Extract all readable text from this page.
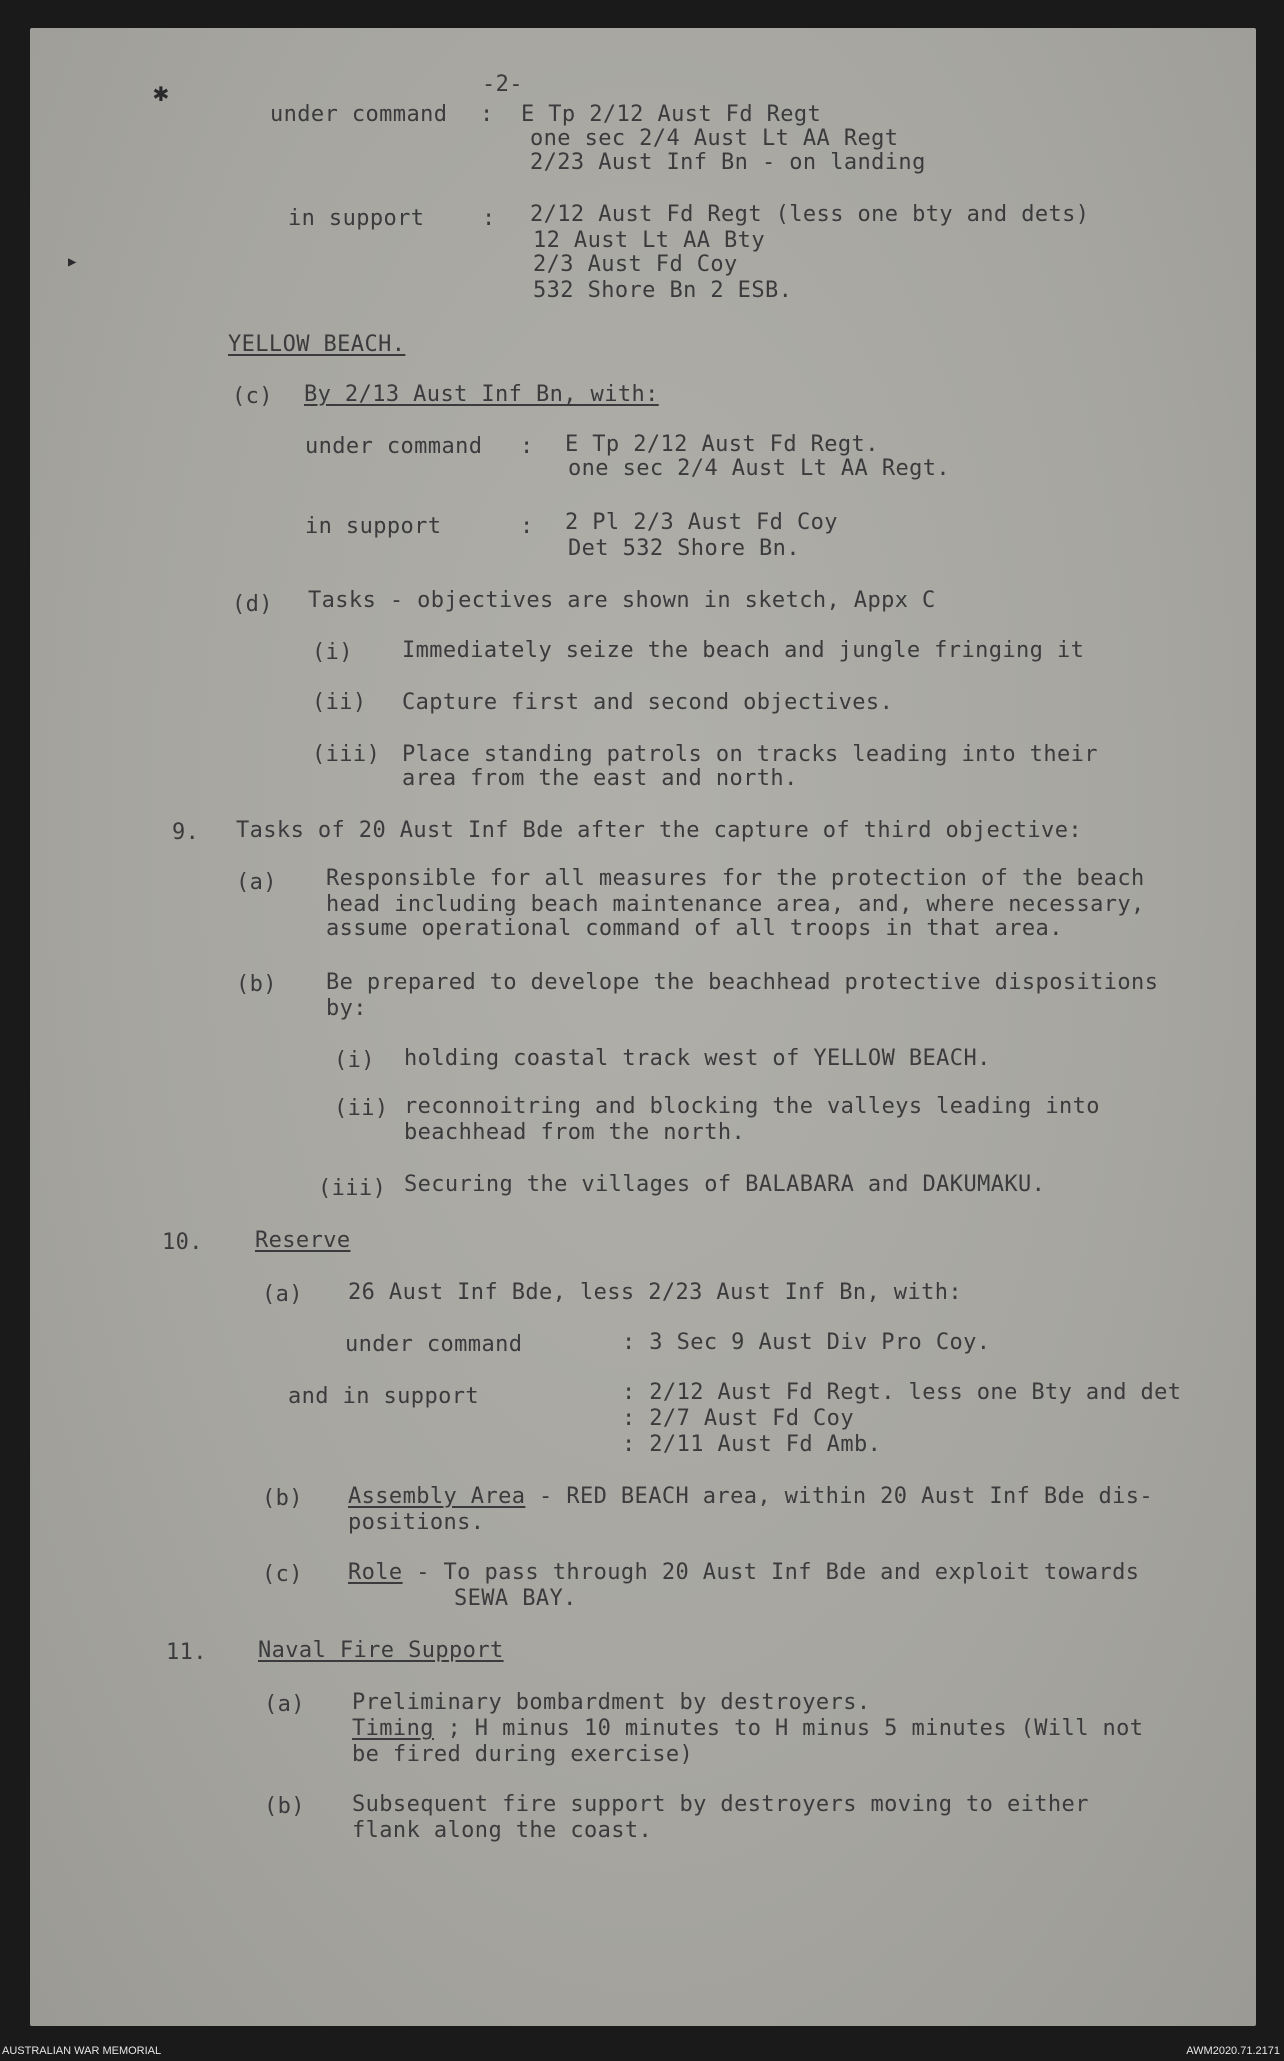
✱
▶
-2-
under command : E Tp 2/12 Aust Fd Regt
one sec 2/4 Aust Lt AA Regt
2/23 Aust Inf Bn - on landing
in support	: 2/12 Aust Fd Regt (less one bty and dets)
12 Aust Lt AA Bty
2/3 Aust Fd Coy
532 Shore Bn 2 ESB.
YELLOW BEACH.
(c) By 2/13 Aust Inf Bn, with:
under command : E Tp 2/12 Aust Fd Regt.
one sec 2/4 Aust Lt AA Regt.
in support	: 2 Pl 2/3 Aust Fd Coy
Det 532 Shore Bn.
(d) Tasks - objectives are shown in sketch, Appx C
(i) Immediately seize the beach and jungle fringing it
(ii) Capture first and second objectives.
(iii) Place standing patrols on tracks leading into their
area from the east and north.
9. Tasks of 20 Aust Inf Bde after the capture of third objective:
(a) Responsible for all measures for the protection of the beach
head including beach maintenance area, and, where necessary,
assume operational command of all troops in that area.
(b) Be prepared to develope the beachhead protective dispositions
by:
(i) holding coastal track west of YELLOW BEACH.
(ii) reconnoitring and blocking the valleys leading into
beachhead from the north.
(iii) Securing the villages of BALABARA and DAKUMAKU.
10. Reserve
(a) 26 Aust Inf Bde, less 2/23 Aust Inf Bn, with:
under command	: 3 Sec 9 Aust Div Pro Coy.
and in support	: 2/12 Aust Fd Regt. less one Bty and det
: 2/7 Aust Fd Coy
: 2/11 Aust Fd Amb.
(b) Assembly Area - RED BEACH area, within 20 Aust Inf Bde dis-
positions.
(c) Role - To pass through 20 Aust Inf Bde and exploit towards
SEWA BAY.
11. Naval Fire Support
(a) Preliminary bombardment by destroyers.
Timing ; H minus 10 minutes to H minus 5 minutes (Will not
be fired during exercise)
(b) Subsequent fire support by destroyers moving to either
flank along the coast.
AUSTRALIAN WAR MEMORIAL	AWM2020.71.2171
